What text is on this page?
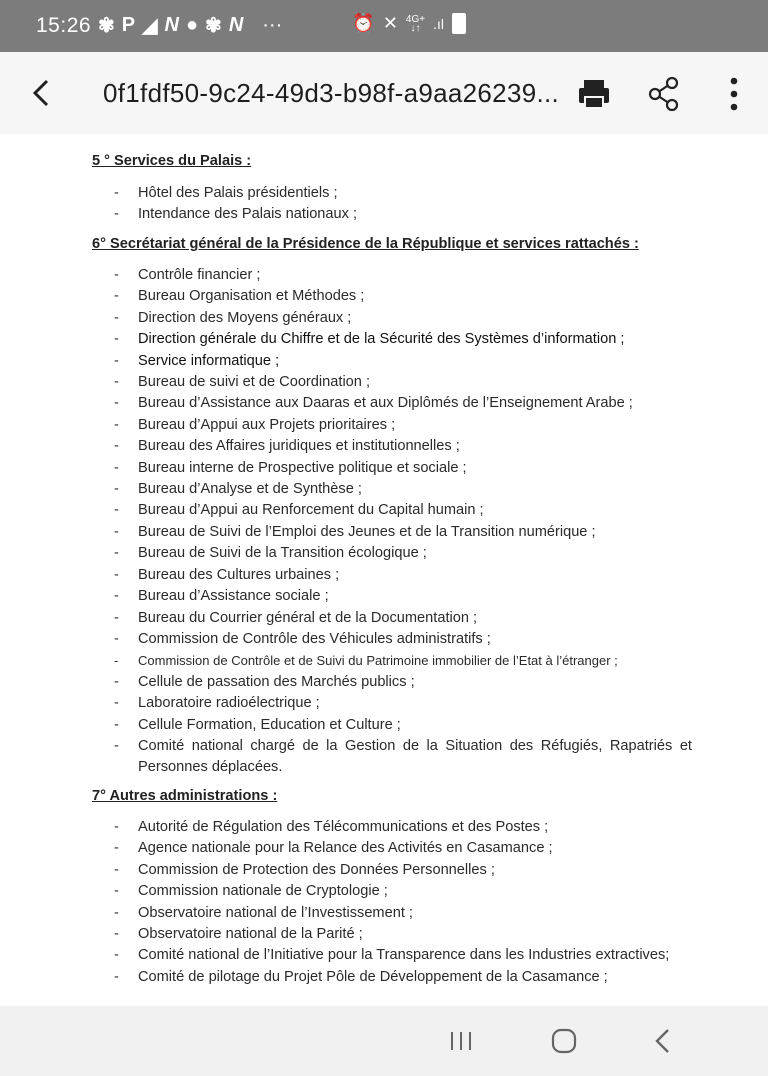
15:26 ✾ P ◢ N ● ✾ N ···	⏰ ✕ 4G+
↓↑ .ıl
0f1fdf50-9c24-49d3-b98f-a9aa26239...
5 ° Services du Palais :
- Hôtel des Palais présidentiels ;
- Intendance des Palais nationaux ;
6° Secrétariat général de la Présidence de la République et services rattachés :
- Contrôle financier ;
- Bureau Organisation et Méthodes ;
- Direction des Moyens généraux ;
- Direction générale du Chiffre et de la Sécurité des Systèmes d’information ;
- Service informatique ;
- Bureau de suivi et de Coordination ;
- Bureau d’Assistance aux Daaras et aux Diplômés de l’Enseignement Arabe ;
- Bureau d’Appui aux Projets prioritaires ;
- Bureau des Affaires juridiques et institutionnelles ;
- Bureau interne de Prospective politique et sociale ;
- Bureau d’Analyse et de Synthèse ;
- Bureau d’Appui au Renforcement du Capital humain ;
- Bureau de Suivi de l’Emploi des Jeunes et de la Transition numérique ;
- Bureau de Suivi de la Transition écologique ;
- Bureau des Cultures urbaines ;
- Bureau d’Assistance sociale ;
- Bureau du Courrier général et de la Documentation ;
- Commission de Contrôle des Véhicules administratifs ;
- Commission de Contrôle et de Suivi du Patrimoine immobilier de l’Etat à l’étranger ;
- Cellule de passation des Marchés publics ;
- Laboratoire radioélectrique ;
- Cellule Formation, Education et Culture ;
- Comité national chargé de la Gestion de la Situation des Réfugiés, Rapatriés et Personnes déplacées.
7° Autres administrations :
- Autorité de Régulation des Télécommunications et des Postes ;
- Agence nationale pour la Relance des Activités en Casamance ;
- Commission de Protection des Données Personnelles ;
- Commission nationale de Cryptologie ;
- Observatoire national de l’Investissement ;
- Observatoire national de la Parité ;
- Comité national de l’Initiative pour la Transparence dans les Industries extractives;
- Comité de pilotage du Projet Pôle de Développement de la Casamance ;
